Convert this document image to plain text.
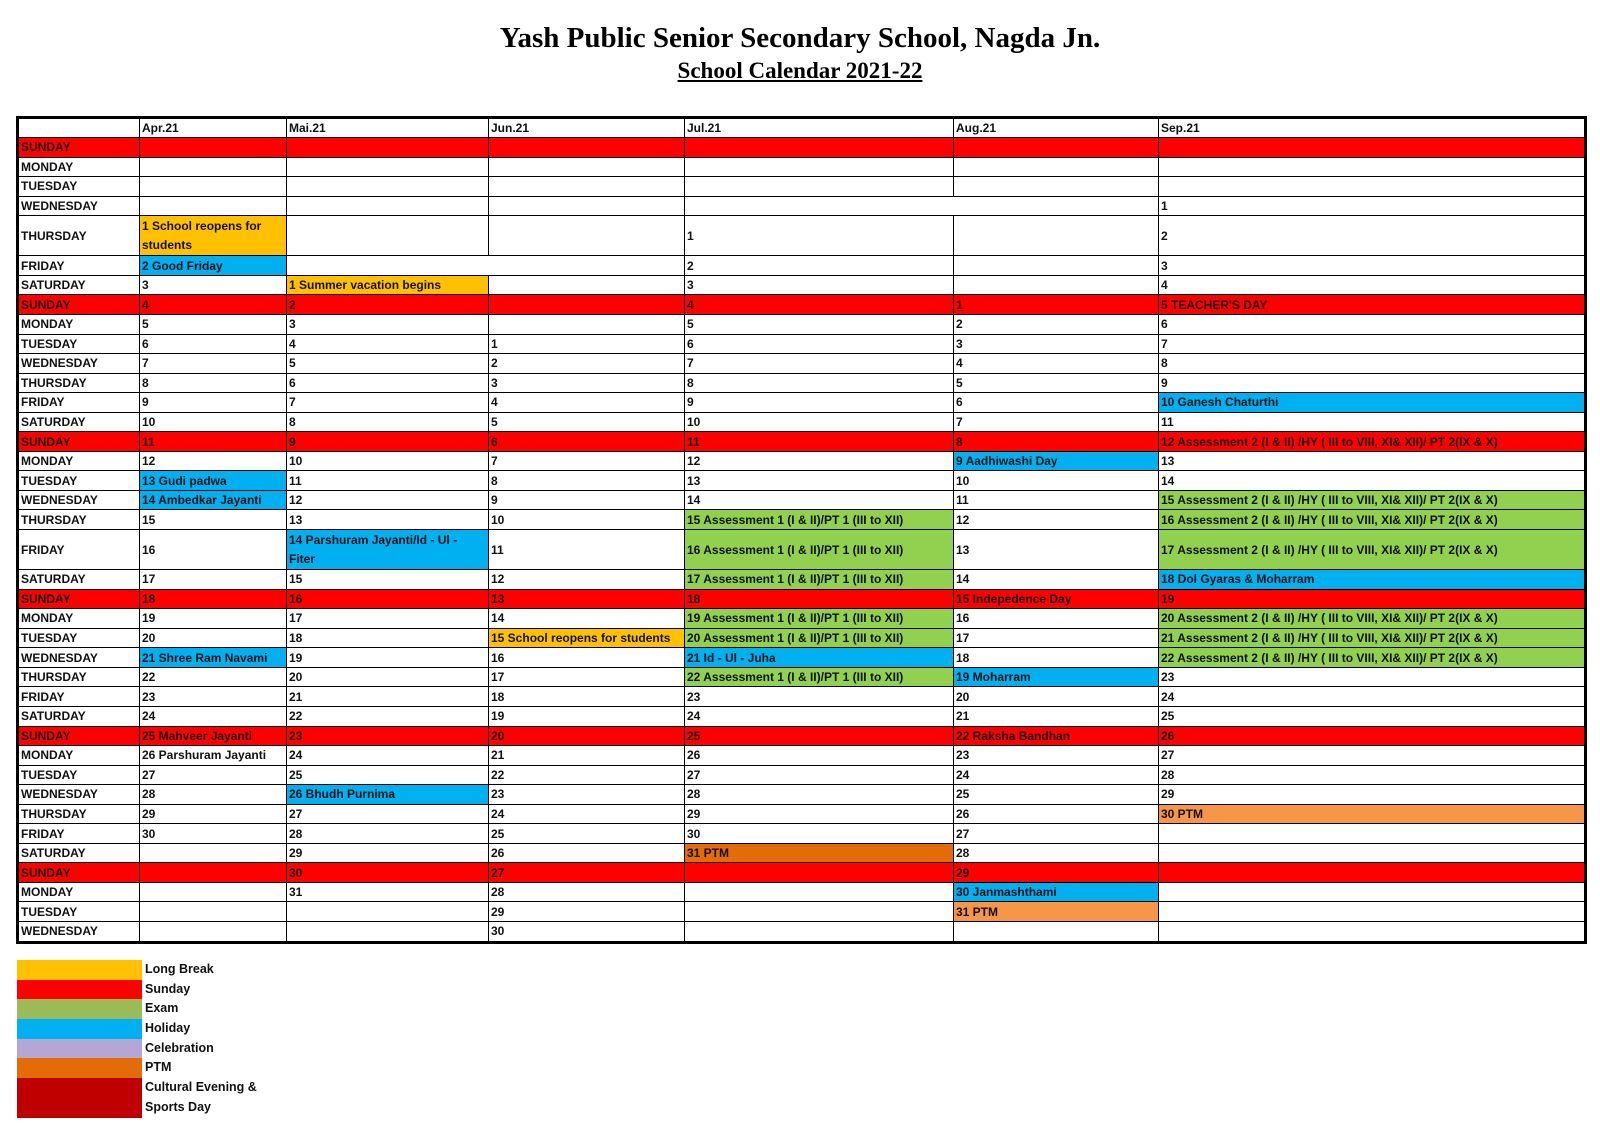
Yash Public Senior Secondary School, Nagda Jn.
School Calendar 2021-22
	Apr.21	Mai.21	Jun.21	Jul.21	Aug.21	Sep.21
SUNDAY						
MONDAY						
TUESDAY						
WEDNESDAY						1
THURSDAY	1 School reopens for students			1		2
FRIDAY	2 Good Friday			2		3
SATURDAY	3	1 Summer vacation begins		3		4
SUNDAY	4	2		4	1	5 TEACHER'S DAY
MONDAY	5	3		5	2	6
TUESDAY	6	4	1	6	3	7
WEDNESDAY	7	5	2	7	4	8
THURSDAY	8	6	3	8	5	9
FRIDAY	9	7	4	9	6	10 Ganesh Chaturthi
SATURDAY	10	8	5	10	7	11
SUNDAY	11	9	6	11	8	12 Assessment 2 (I & II) /HY ( III to VIII, XI& XII)/ PT 2(IX & X)
MONDAY	12	10	7	12	9 Aadhiwashi Day	13
TUESDAY	13 Gudi padwa	11	8	13	10	14
WEDNESDAY	14 Ambedkar Jayanti	12	9	14	11	15 Assessment 2 (I & II) /HY ( III to VIII, XI& XII)/ PT 2(IX & X)
THURSDAY	15	13	10	15 Assessment 1 (I & II)/PT 1 (III to XII)	12	16 Assessment 2 (I & II) /HY ( III to VIII, XI& XII)/ PT 2(IX & X)
FRIDAY	16	14 Parshuram Jayanti/Id - Ul - Fiter	11	16 Assessment 1 (I & II)/PT 1 (III to XII)	13	17 Assessment 2 (I & II) /HY ( III to VIII, XI& XII)/ PT 2(IX & X)
SATURDAY	17	15	12	17 Assessment 1 (I & II)/PT 1 (III to XII)	14	18 Dol Gyaras & Moharram
SUNDAY	18	16	13	18	15 Indepedence Day	19
MONDAY	19	17	14	19 Assessment 1 (I & II)/PT 1 (III to XII)	16	20 Assessment 2 (I & II) /HY ( III to VIII, XI& XII)/ PT 2(IX & X)
TUESDAY	20	18	15 School reopens for students	20 Assessment 1 (I & II)/PT 1 (III to XII)	17	21 Assessment 2 (I & II) /HY ( III to VIII, XI& XII)/ PT 2(IX & X)
WEDNESDAY	21 Shree Ram Navami	19	16	21 Id - Ul - Juha	18	22 Assessment 2 (I & II) /HY ( III to VIII, XI& XII)/ PT 2(IX & X)
THURSDAY	22	20	17	22 Assessment 1 (I & II)/PT 1 (III to XII)	19 Moharram	23
FRIDAY	23	21	18	23	20	24
SATURDAY	24	22	19	24	21	25
SUNDAY	25 Mahveer Jayanti	23	20	25	22 Raksha Bandhan	26
MONDAY	26 Parshuram Jayanti	24	21	26	23	27
TUESDAY	27	25	22	27	24	28
WEDNESDAY	28	26 Bhudh Purnima	23	28	25	29
THURSDAY	29	27	24	29	26	30 PTM
FRIDAY	30	28	25	30	27	
SATURDAY		29	26	31 PTM	28	
SUNDAY		30	27		29	
MONDAY		31	28		30 Janmashthami	
TUESDAY			29		31 PTM	
WEDNESDAY			30			
Long Break
Sunday
Exam
Holiday
Celebration
PTM
Cultural Evening &
Sports Day
